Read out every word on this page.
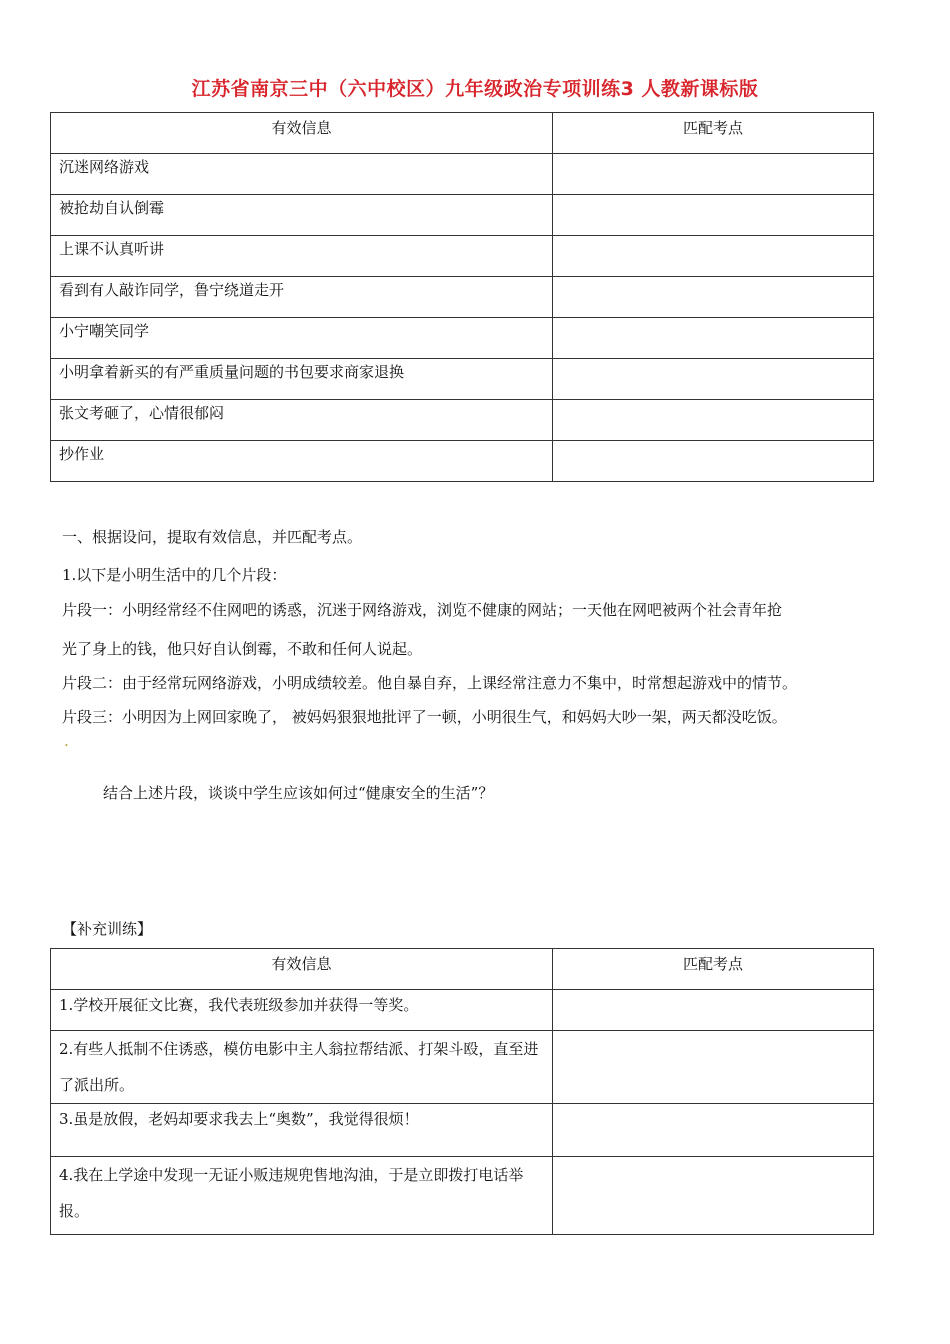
江苏省南京三中（六中校区）九年级政治专项训练3 人教新课标版
有效信息	匹配考点
沉迷网络游戏	
被抢劫自认倒霉	
上课不认真听讲	
看到有人敲诈同学，鲁宁绕道走开	
小宁嘲笑同学	
小明拿着新买的有严重质量问题的书包要求商家退换	
张文考砸了，心情很郁闷	
抄作业	
一、根据设问，提取有效信息，并匹配考点。
1.以下是小明生活中的几个片段：
片段一：小明经常经不住网吧的诱惑，沉迷于网络游戏，浏览不健康的网站；一天他在网吧被两个社会青年抢
光了身上的钱，他只好自认倒霉，不敢和任何人说起。
片段二：由于经常玩网络游戏，小明成绩较差。他自暴自弃，上课经常注意力不集中，时常想起游戏中的情节。
片段三：小明因为上网回家晚了， 被妈妈狠狠地批评了一顿，小明很生气，和妈妈大吵一架，两天都没吃饭。
.
结合上述片段，谈谈中学生应该如何过“健康安全的生活”？
【补充训练】
有效信息	匹配考点
1.学校开展征文比赛，我代表班级参加并获得一等奖。	
2.有些人抵制不住诱惑，模仿电影中主人翁拉帮结派、打架斗殴，直至进了派出所。	
3.虽是放假，老妈却要求我去上“奥数”，我觉得很烦！	
4.我在上学途中发现一无证小贩违规兜售地沟油，于是立即拨打电话举报。	
